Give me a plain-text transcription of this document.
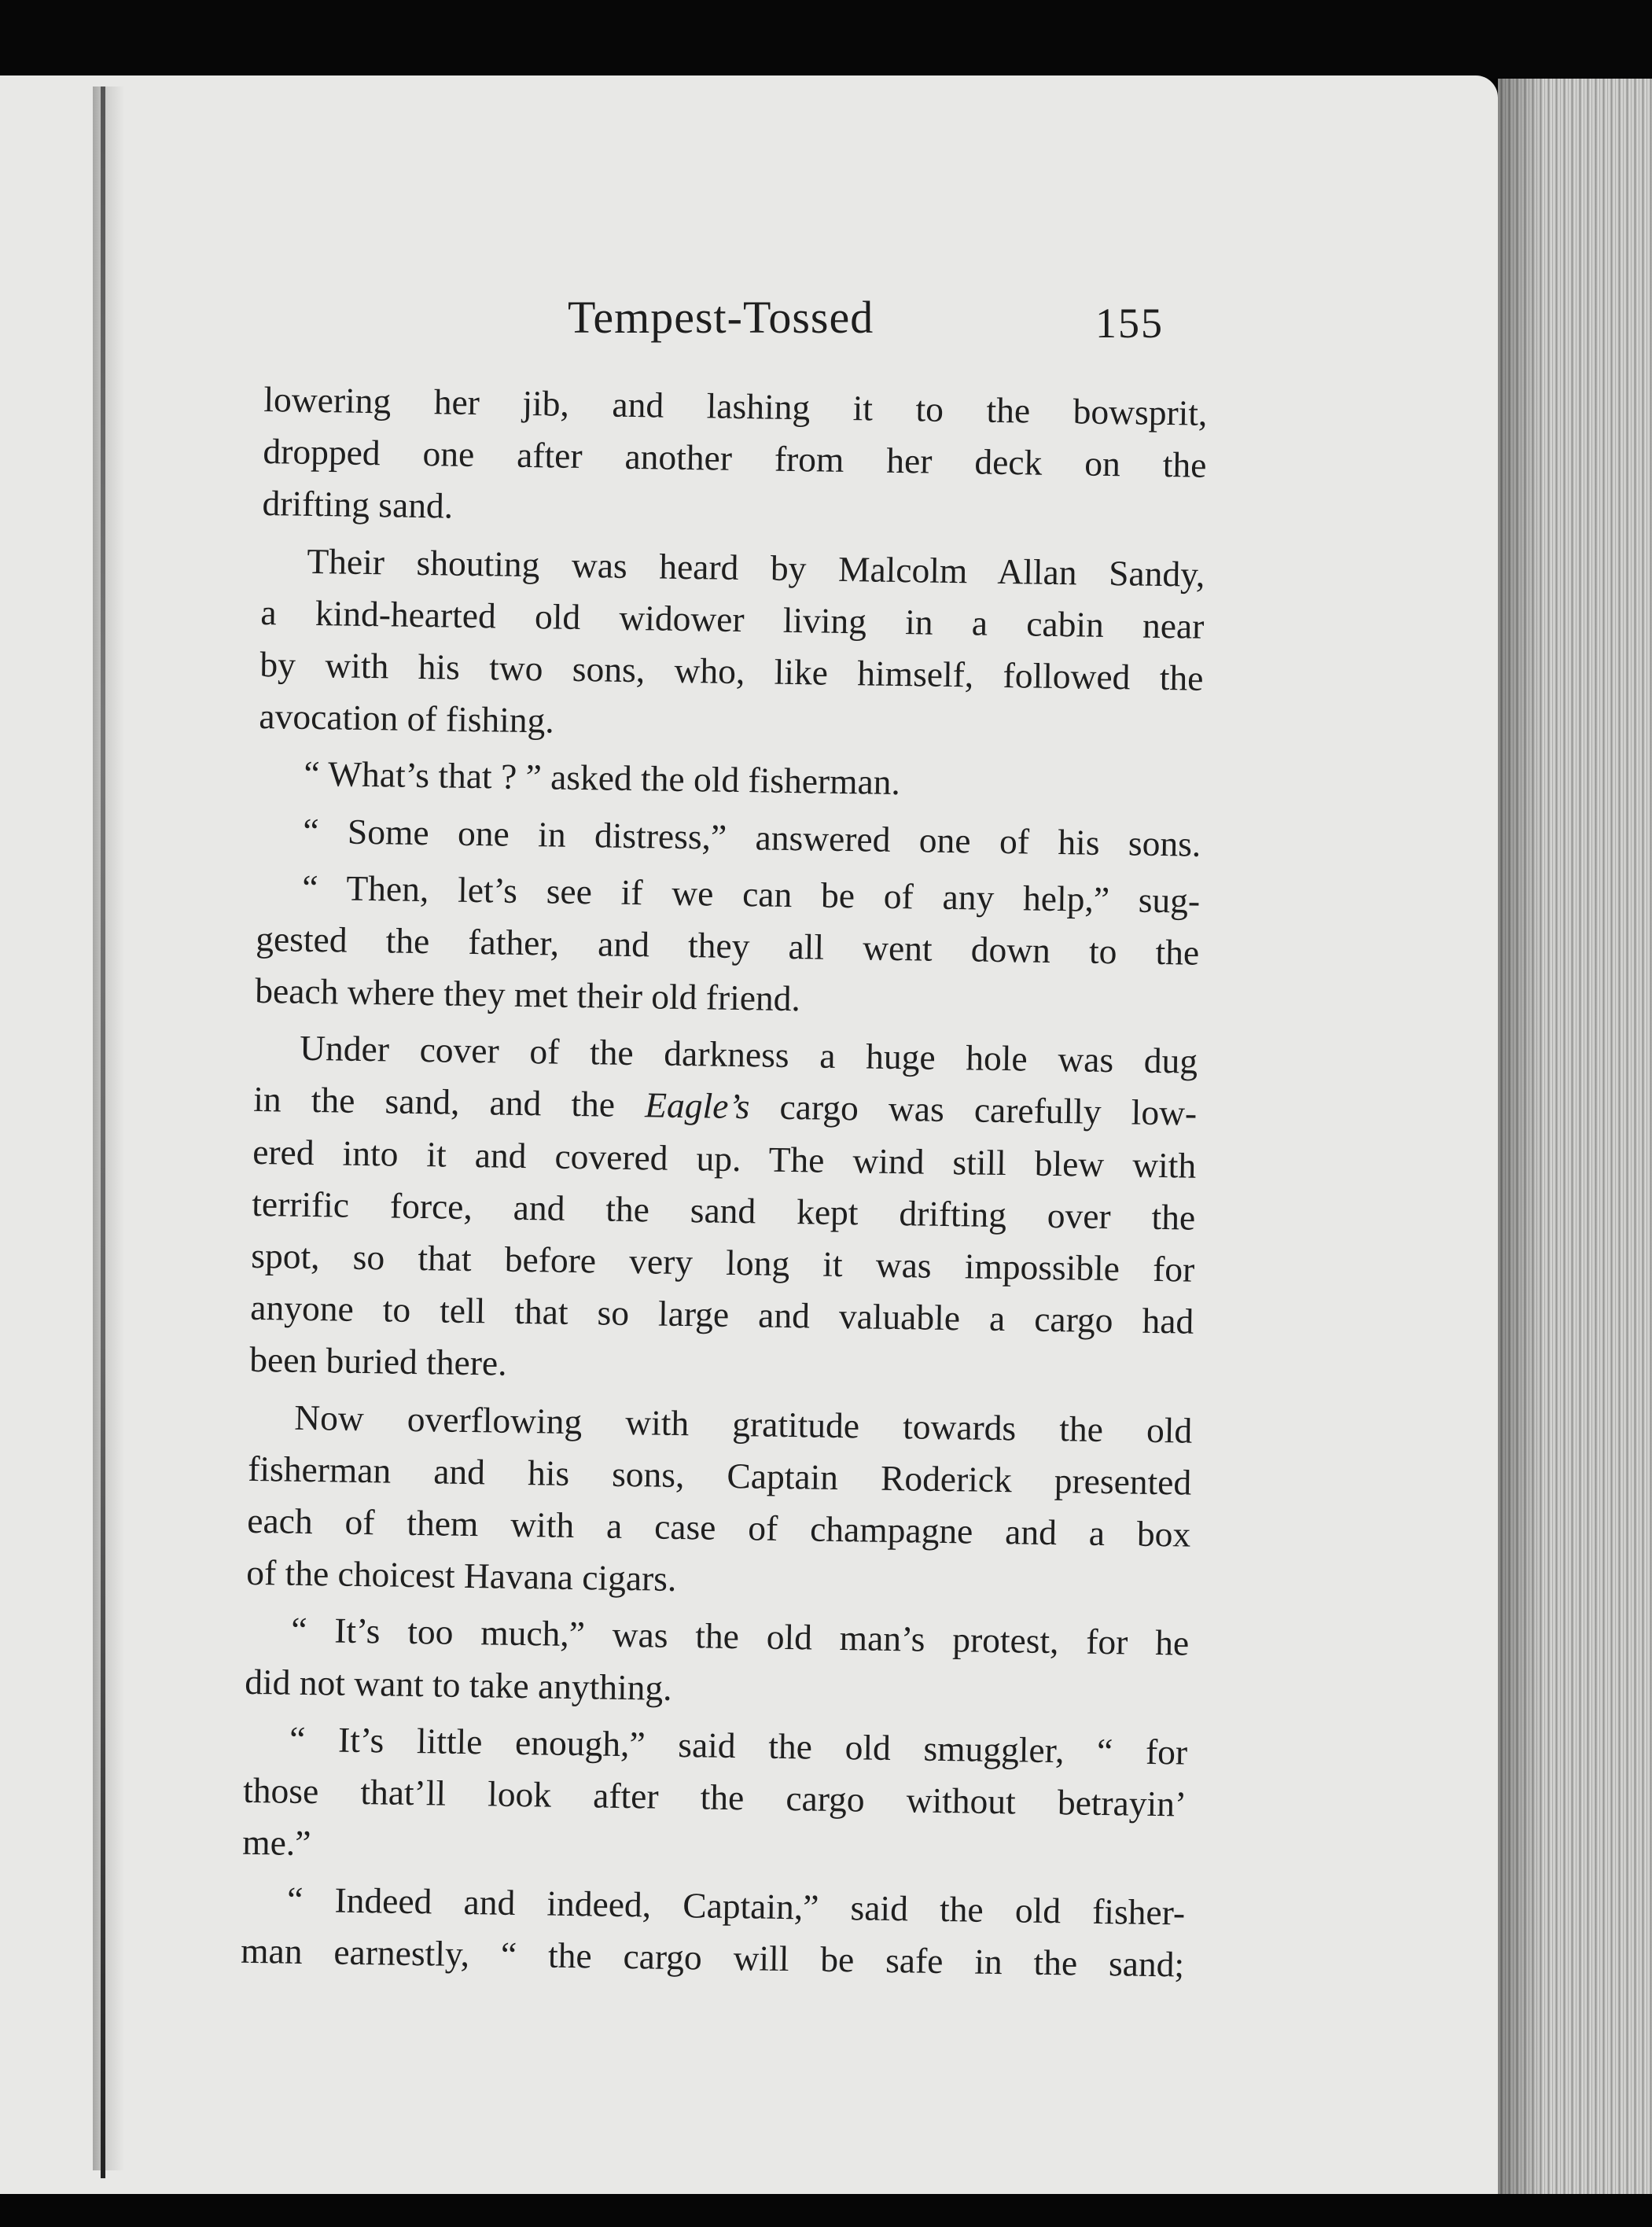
Tempest-Tossed	155
lowering her jib, and lashing it to the bowsprit,
dropped one after another from her deck on the
drifting sand.
Their shouting was heard by Malcolm Allan Sandy,
a kind-hearted old widower living in a cabin near
by with his two sons, who, like himself, followed the
avocation of fishing.
“ What’s that ? ” asked the old fisherman.
“ Some one in distress,” answered one of his sons.
“ Then, let’s see if we can be of any help,” sug-
gested the father, and they all went down to the
beach where they met their old friend.
Under cover of the darkness a huge hole was dug
in the sand, and the Eagle’s cargo was carefully low-
ered into it and covered up. The wind still blew with
terrific force, and the sand kept drifting over the
spot, so that before very long it was impossible for
anyone to tell that so large and valuable a cargo had
been buried there.
Now overflowing with gratitude towards the old
fisherman and his sons, Captain Roderick presented
each of them with a case of champagne and a box
of the choicest Havana cigars.
“ It’s too much,” was the old man’s protest, for he
did not want to take anything.
“ It’s little enough,” said the old smuggler, “ for
those that’ll look after the cargo without betrayin’
me.”
“ Indeed and indeed, Captain,” said the old fisher-
man earnestly, “ the cargo will be safe in the sand;
